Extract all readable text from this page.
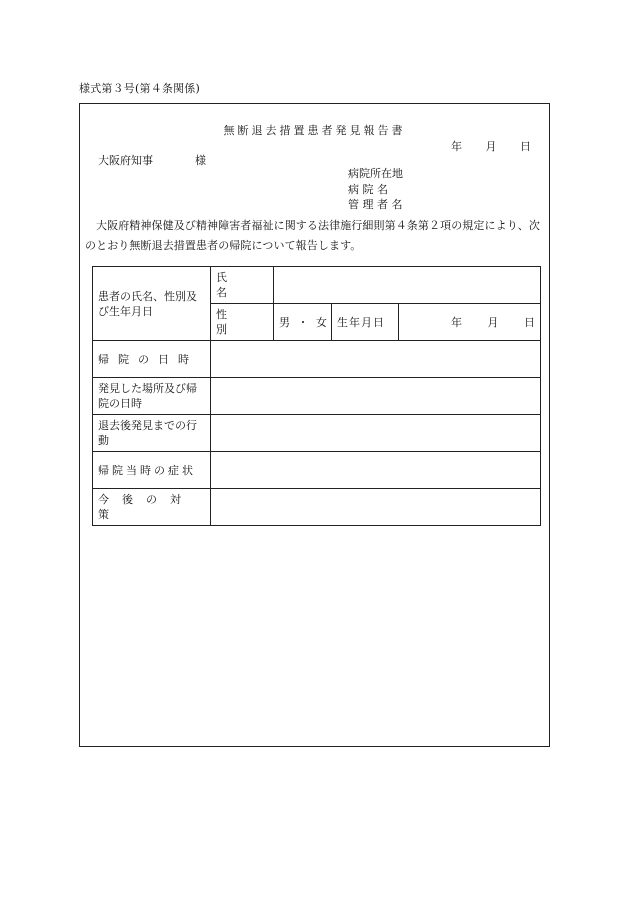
様式第３号(第４条関係)
無断退去措置患者発見報告書
年 月 日
大阪府知事	様
病院所在地
病 院 名
管 理 者 名
大阪府精神保健及び精神障害者福祉に関する法律施行細則第４条第２項の規定により、次のとおり無断退去措置患者の帰院について報告します。
患者の氏名、性別及び生年月日	氏名			
	性別	男 ・ 女	生年月日	年 月 日
帰院の日時				
発見した場所及び帰院の日時				
退去後発見までの行動				
帰院当時の症状				
今後の対策				
